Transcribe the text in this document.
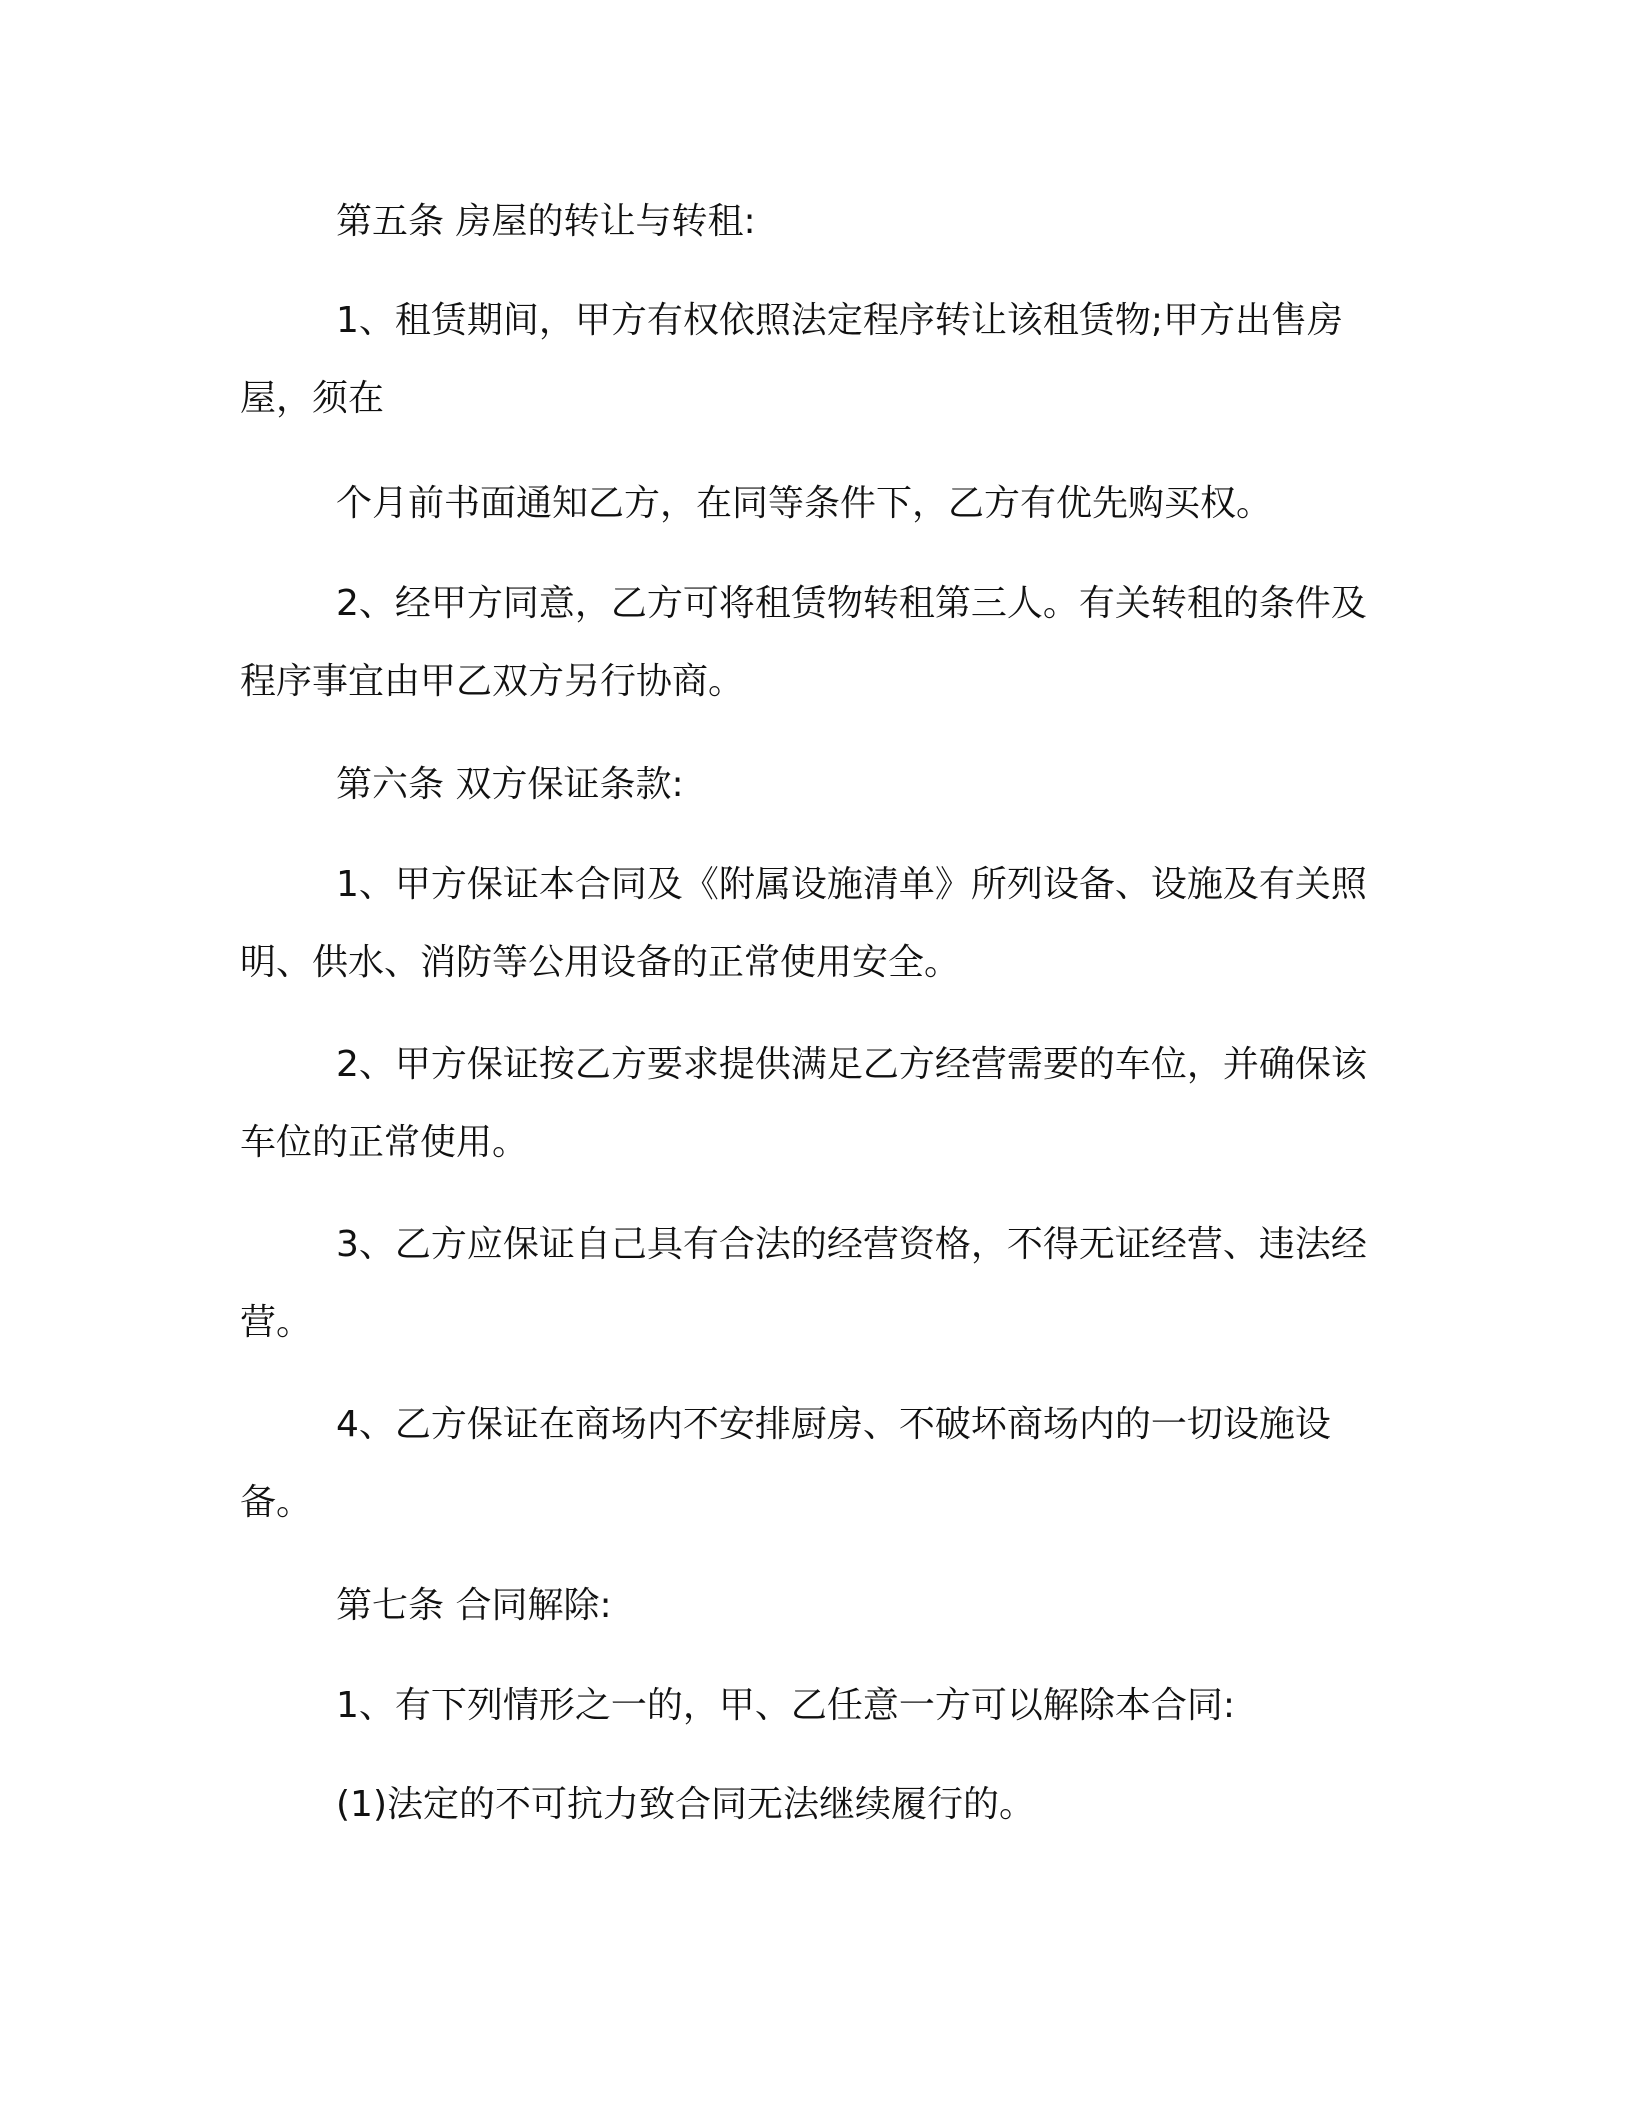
第五条 房屋的转让与转租:

1、租赁期间，甲方有权依照法定程序转让该租赁物;甲方出售房屋，须在

个月前书面通知乙方，在同等条件下，乙方有优先购买权。

2、经甲方同意，乙方可将租赁物转租第三人。有关转租的条件及程序事宜由甲乙双方另行协商。

第六条 双方保证条款:

1、甲方保证本合同及《附属设施清单》所列设备、设施及有关照明、供水、消防等公用设备的正常使用安全。

2、甲方保证按乙方要求提供满足乙方经营需要的车位，并确保该车位的正常使用。

3、乙方应保证自己具有合法的经营资格，不得无证经营、违法经营。

4、乙方保证在商场内不安排厨房、不破坏商场内的一切设施设备。

第七条 合同解除:

1、有下列情形之一的，甲、乙任意一方可以解除本合同:

(1)法定的不可抗力致合同无法继续履行的。
